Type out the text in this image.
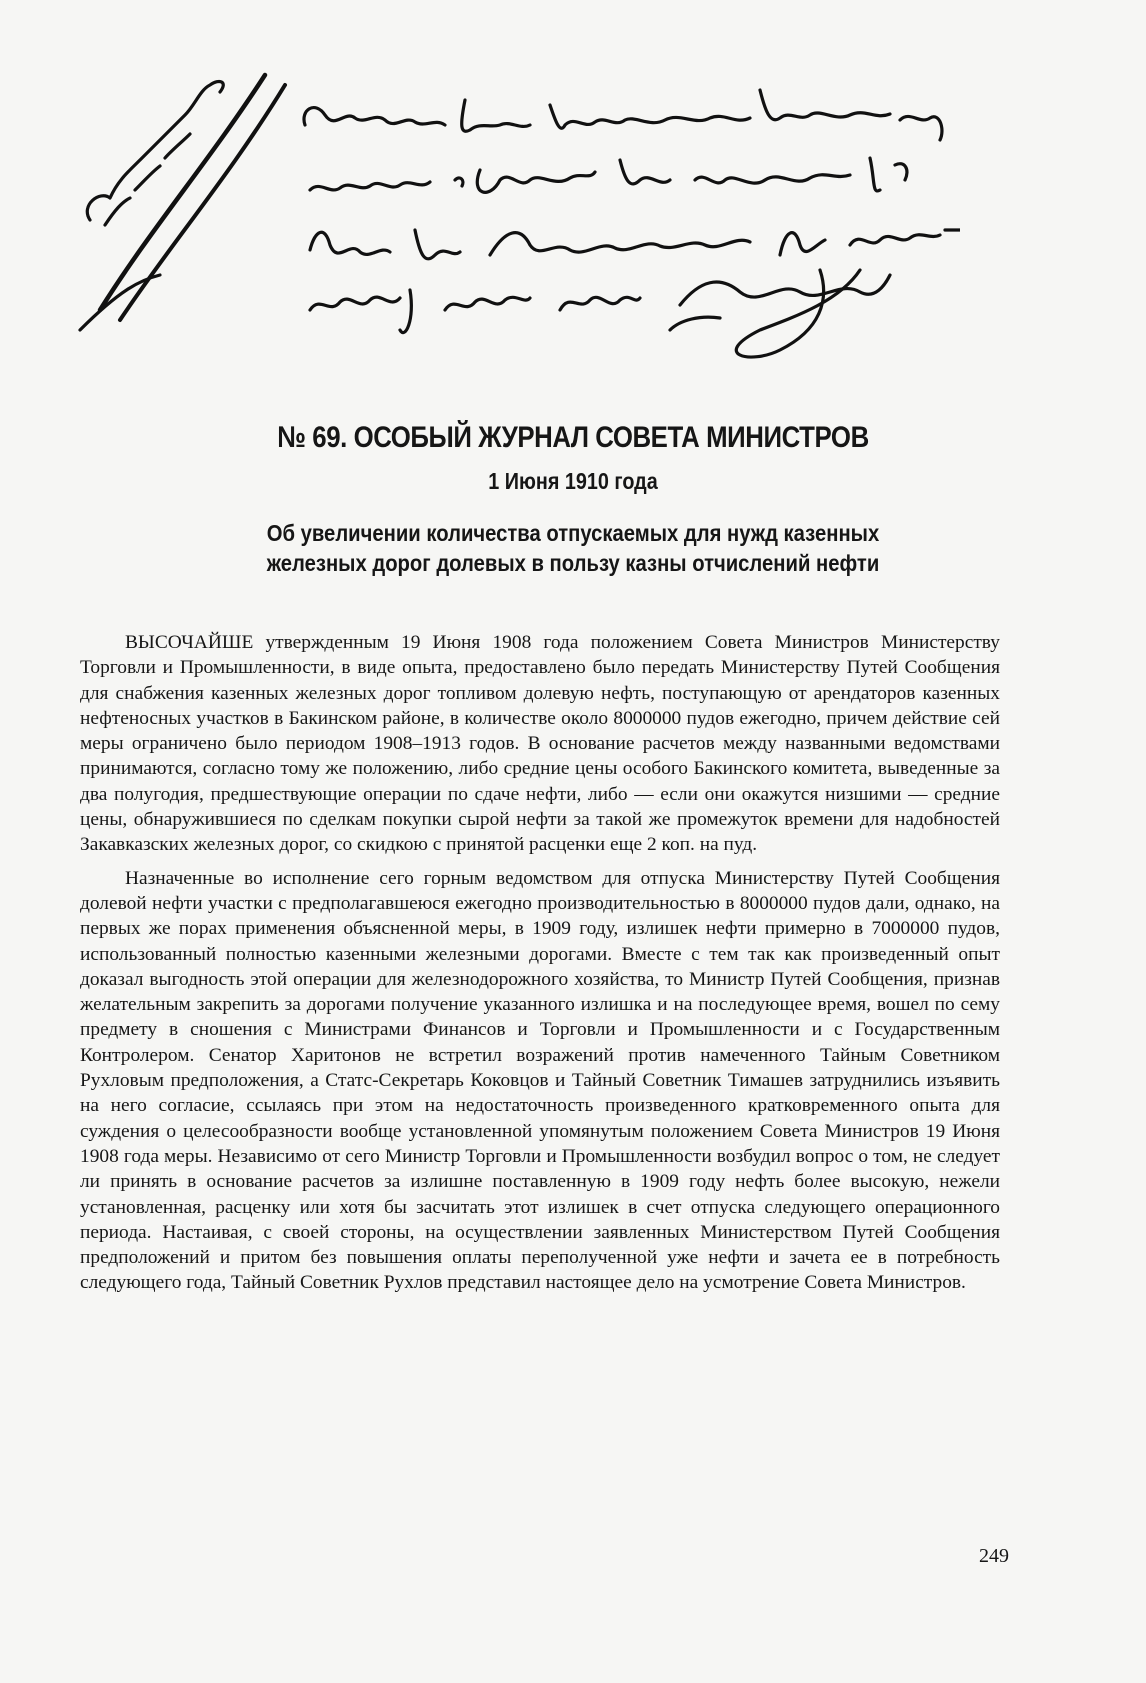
№ 69. ОСОБЫЙ ЖУРНАЛ СОВЕТА МИНИСТРОВ
1 Июня 1910 года
Об увеличении количества отпускаемых для нужд казенных
железных дорог долевых в пользу казны отчислений нефти

ВЫСОЧАЙШЕ утвержденным 19 Июня 1908 года положением Совета Министров Министерству Торговли и Промышленности, в виде опыта, предоставлено было передать Министерству Путей Сообщения для снабжения казенных железных дорог топливом долевую нефть, поступающую от арендаторов казенных нефтеносных участков в Бакинском районе, в количестве около 8000000 пудов ежегодно, причем действие сей меры ограничено было периодом 1908–1913 годов. В основание расчетов между названными ведомствами принимаются, согласно тому же положению, либо средние цены особого Бакинского комитета, выведенные за два полугодия, предшествующие операции по сдаче нефти, либо — если они окажутся низшими — средние цены, обнаружившиеся по сделкам покупки сырой нефти за такой же промежуток времени для надобностей Закавказских железных дорог, со скидкою с принятой расценки еще 2 коп. на пуд.

Назначенные во исполнение сего горным ведомством для отпуска Министерству Путей Сообщения долевой нефти участки с предполагавшеюся ежегодно производительностью в 8000000 пудов дали, однако, на первых же порах применения объясненной меры, в 1909 году, излишек нефти примерно в 7000000 пудов, использованный полностью казенными железными дорогами. Вместе с тем так как произведенный опыт доказал выгодность этой операции для железнодорожного хозяйства, то Министр Путей Сообщения, признав желательным закрепить за дорогами получение указанного излишка и на последующее время, вошел по сему предмету в сношения с Министрами Финансов и Торговли и Промышленности и с Государственным Контролером. Сенатор Харитонов не встретил возражений против намеченного Тайным Советником Рухловым предположения, а Статс-Секретарь Коковцов и Тайный Советник Тимашев затруднились изъявить на него согласие, ссылаясь при этом на недостаточность произведенного кратковременного опыта для суждения о целесообразности вообще установленной упомянутым положением Совета Министров 19 Июня 1908 года меры. Независимо от сего Министр Торговли и Промышленности возбудил вопрос о том, не следует ли принять в основание расчетов за излишне поставленную в 1909 году нефть более высокую, нежели установленная, расценку или хотя бы засчитать этот излишек в счет отпуска следующего операционного периода. Настаивая, с своей стороны, на осуществлении заявленных Министерством Путей Сообщения предположений и притом без повышения оплаты переполученной уже нефти и зачета ее в потребность следующего года, Тайный Советник Рухлов представил настоящее дело на усмотрение Совета Министров.

249
